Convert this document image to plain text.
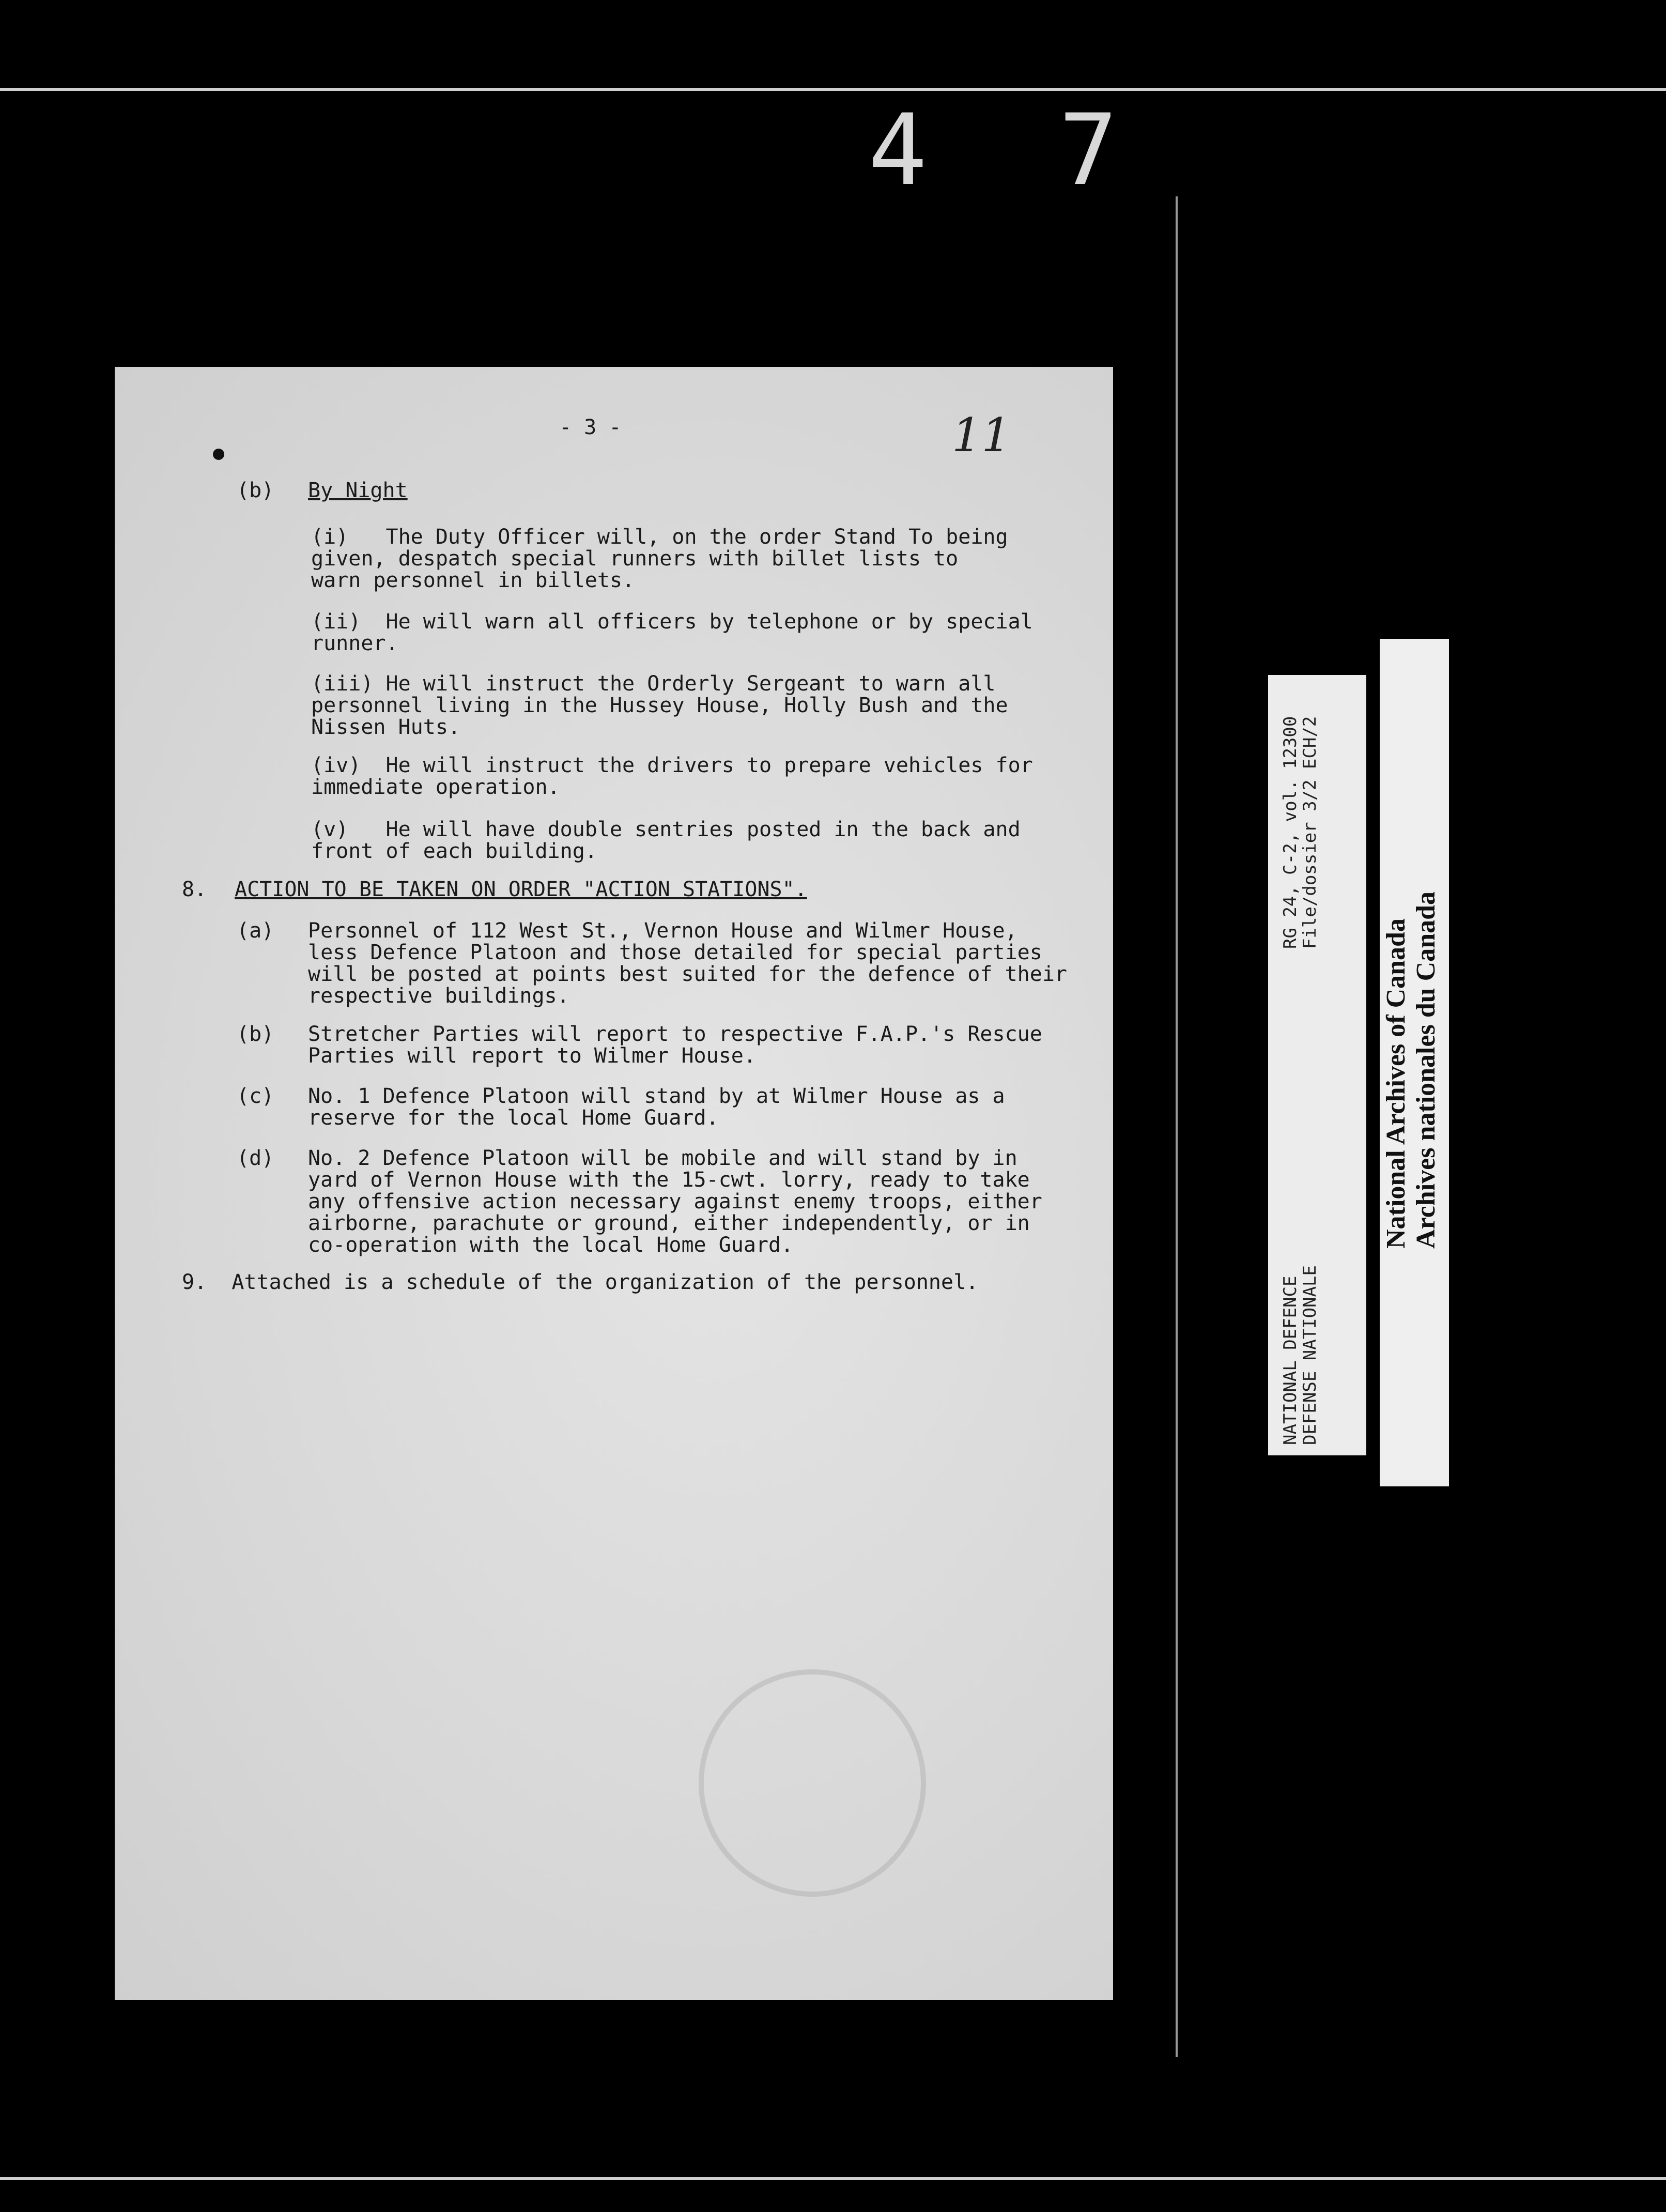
4 7
- 3 -	11
(b) By Night
(i)   The Duty Officer will, on the order Stand To being
given, despatch special runners with billet lists to
warn personnel in billets.
(ii)  He will warn all officers by telephone or by special
runner.
(iii) He will instruct the Orderly Sergeant to warn all
personnel living in the Hussey House, Holly Bush and the
Nissen Huts.
(iv)  He will instruct the drivers to prepare vehicles for
immediate operation.
(v)   He will have double sentries posted in the back and
front of each building.
8. ACTION TO BE TAKEN ON ORDER "ACTION STATIONS".
(a) Personnel of 112 West St., Vernon House and Wilmer House,
less Defence Platoon and those detailed for special parties
will be posted at points best suited for the defence of their
respective buildings.
(b) Stretcher Parties will report to respective F.A.P.'s Rescue
Parties will report to Wilmer House.
(c) No. 1 Defence Platoon will stand by at Wilmer House as a
reserve for the local Home Guard.
(d) No. 2 Defence Platoon will be mobile and will stand by in
yard of Vernon House with the 15-cwt. lorry, ready to take
any offensive action necessary against enemy troops, either
airborne, parachute or ground, either independently, or in
co-operation with the local Home Guard.
9.  Attached is a schedule of the organization of the personnel.	NATIONAL DEFENCE
DEFENSE NATIONALE
RG 24, C-2, vol. 12300
File/dossier 3/2 ECH/2
National Archives of Canada Archives nationales du Canada
